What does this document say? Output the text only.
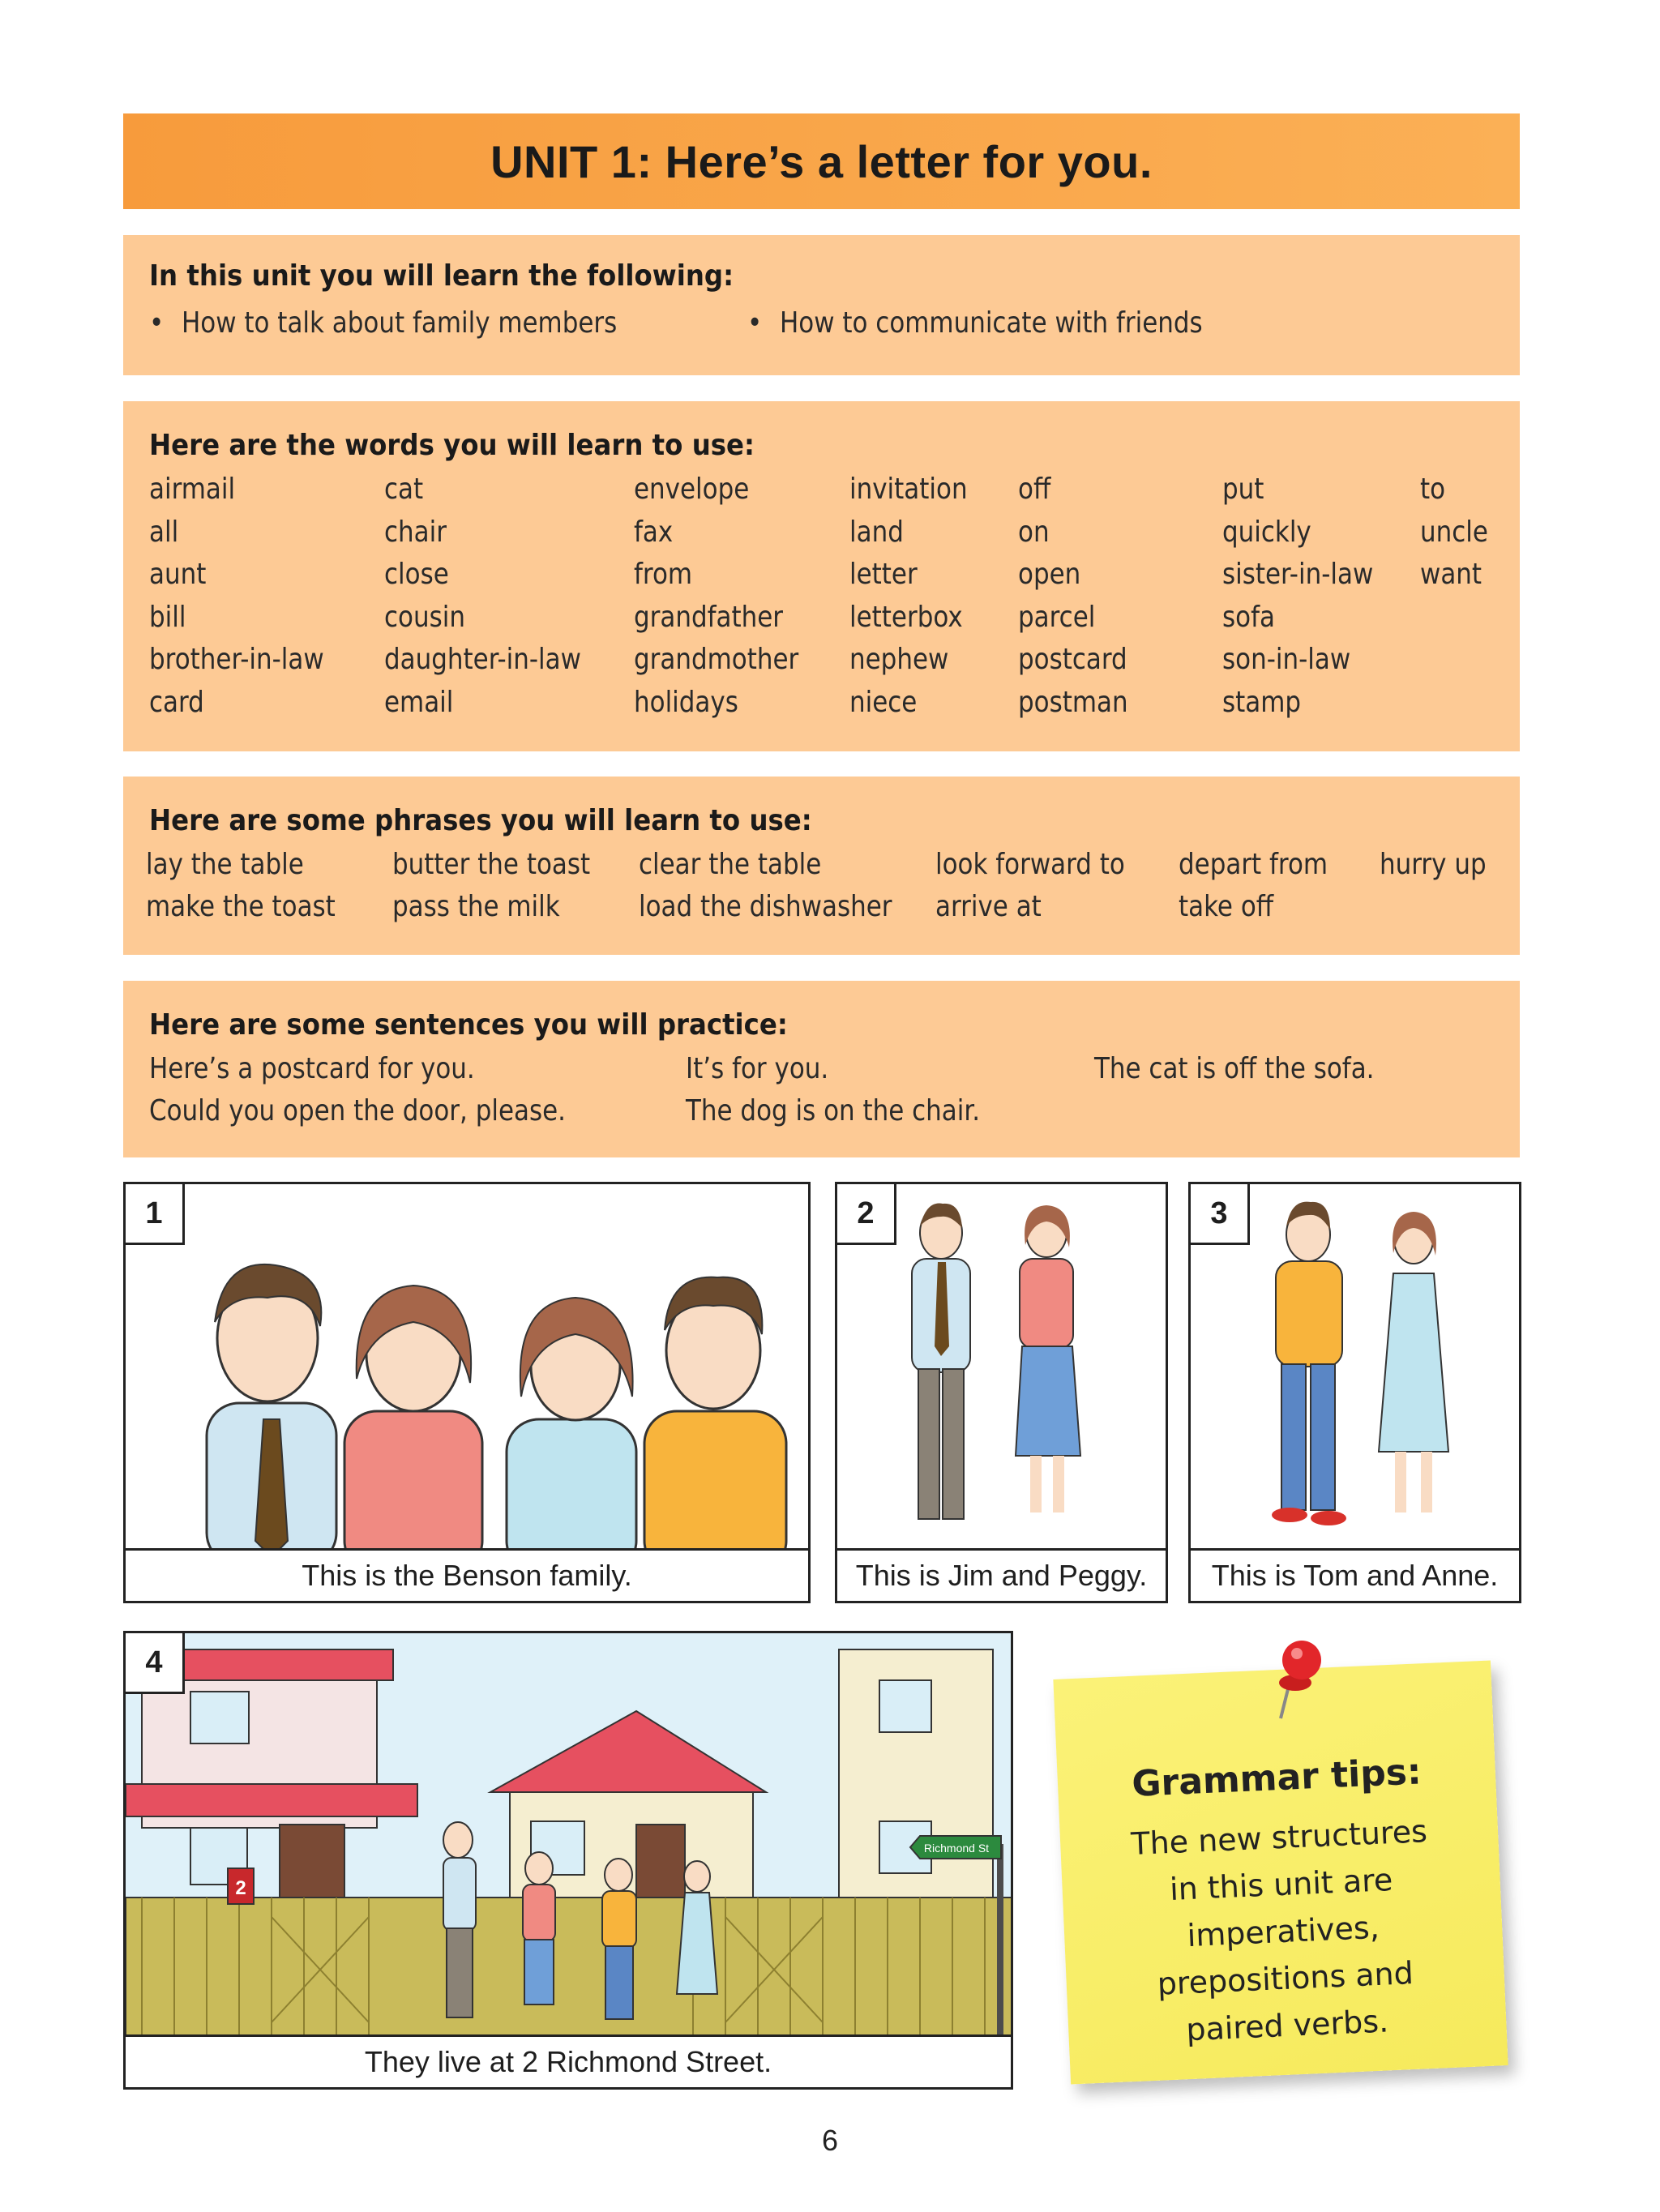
UNIT 1: Here’s a letter for you.
In this unit you will learn the following:
• How to talk about family members	• How to communicate with friends
Here are the words you will learn to use:
airmail
all
aunt
bill
brother-in-law
card
cat
chair
close
cousin
daughter-in-law
email
envelope
fax
from
grandfather
grandmother
holidays
invitation
land
letter
letterbox
nephew
niece
off
on
open
parcel
postcard
postman
put
quickly
sister-in-law
sofa
son-in-law
stamp
to
uncle
want
Here are some phrases you will learn to use:
lay the table
make the toast
butter the toast
pass the milk
clear the table
load the dishwasher
look forward to
arrive at
depart from
take off
hurry up
Here are some sentences you will practice:
Here’s a postcard for you.
Could you open the door, please.
It’s for you.
The dog is on the chair.
The cat is off the sofa.
1
This is the Benson family.
2
This is Jim and Peggy.
3
This is Tom and Anne.
2
Richmond St
4
They live at 2 Richmond Street.
Grammar tips:
The new structures
in this unit are
imperatives,
prepositions and
paired verbs.
6
